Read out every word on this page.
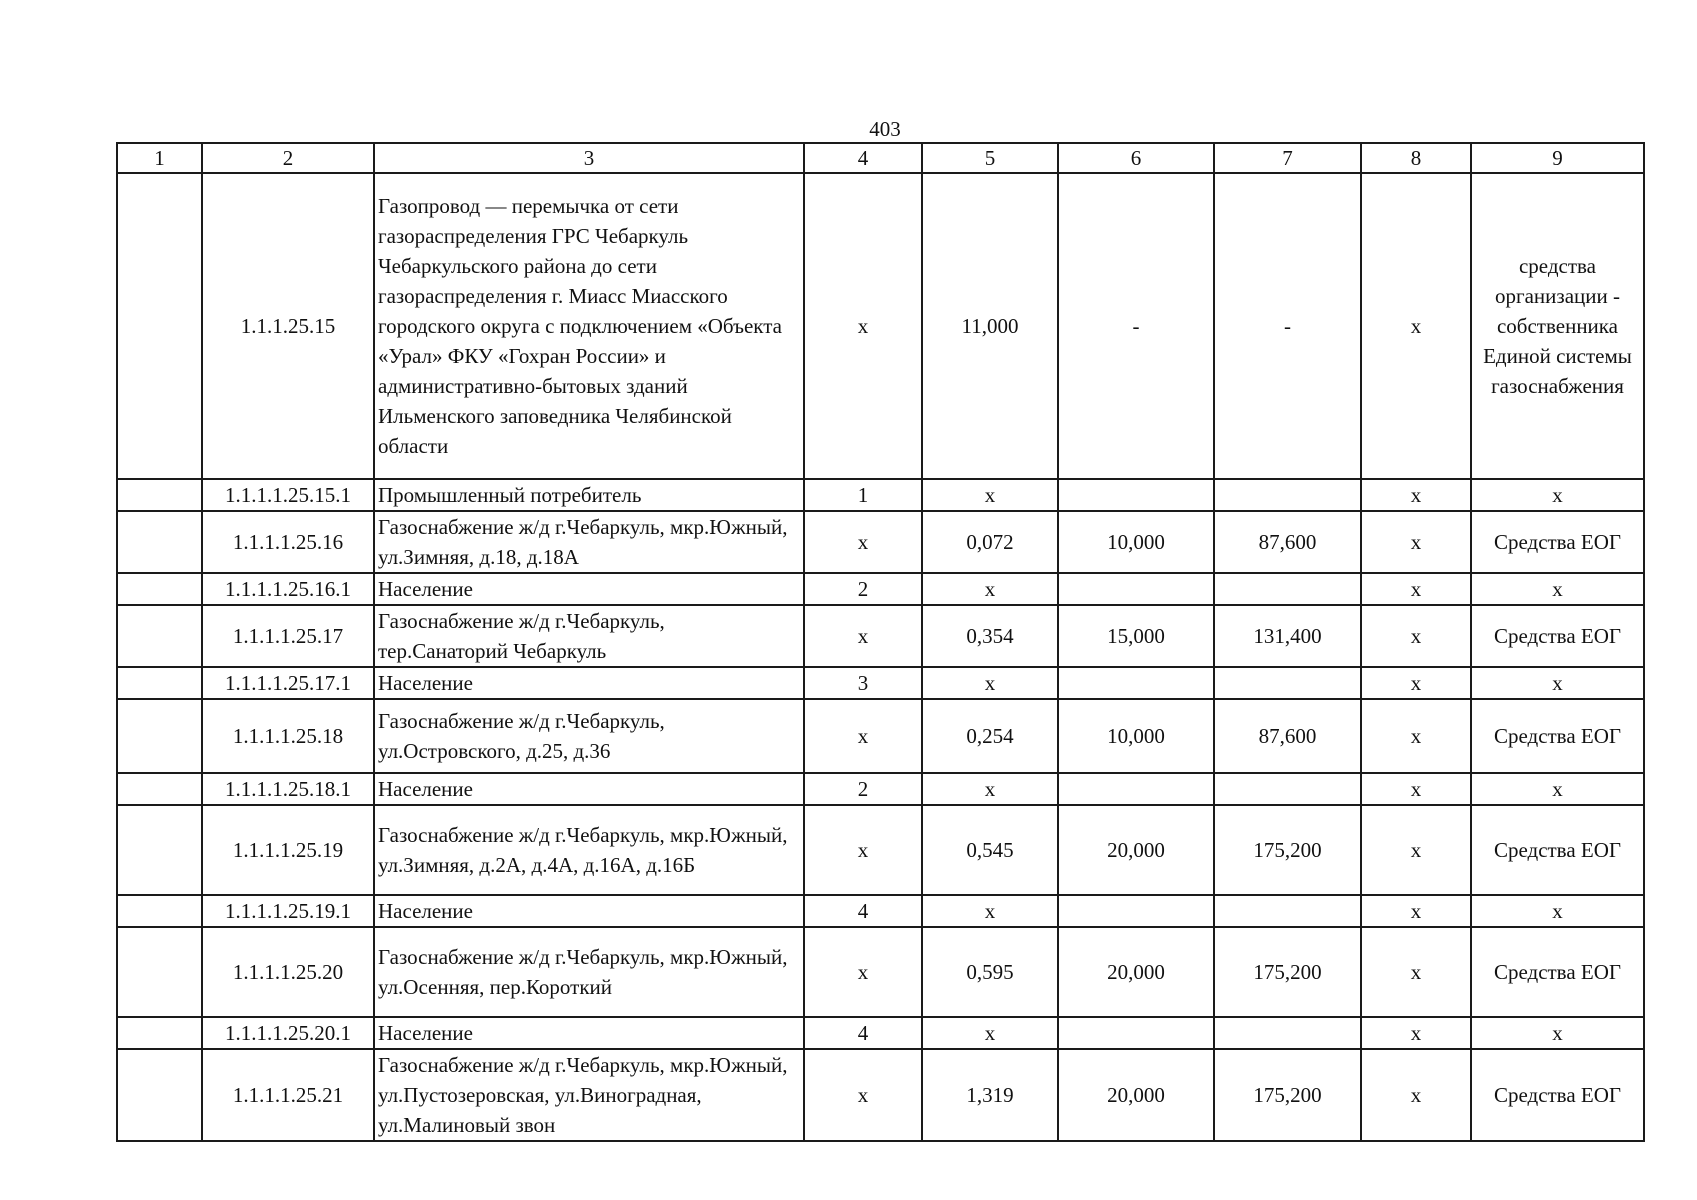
403
1	2	3	4	5	6	7	8	9
	1.1.1.25.15	Газопровод — перемычка от сети газораспределения ГРС Чебаркуль Чебаркульского района до сети газораспределения г. Миасс Миасского городского округа с подключением «Объекта «Урал» ФКУ «Гохран России» и административно-бытовых зданий Ильменского заповедника Челябинской области	х	11,000	-	-	х	средства организации - собственника Единой системы газоснабжения
	1.1.1.1.25.15.1	Промышленный потребитель	1	х			х	х
	1.1.1.1.25.16	Газоснабжение ж/д г.Чебаркуль, мкр.Южный, ул.Зимняя, д.18, д.18А	х	0,072	10,000	87,600	х	Средства ЕОГ
	1.1.1.1.25.16.1	Население	2	х			х	х
	1.1.1.1.25.17	Газоснабжение ж/д г.Чебаркуль, тер.Санаторий Чебаркуль	х	0,354	15,000	131,400	х	Средства ЕОГ
	1.1.1.1.25.17.1	Население	3	х			х	х
	1.1.1.1.25.18	Газоснабжение ж/д г.Чебаркуль, ул.Островского, д.25, д.36	х	0,254	10,000	87,600	х	Средства ЕОГ
	1.1.1.1.25.18.1	Население	2	х			х	х
	1.1.1.1.25.19	Газоснабжение ж/д г.Чебаркуль, мкр.Южный, ул.Зимняя, д.2А, д.4А, д.16А, д.16Б	х	0,545	20,000	175,200	х	Средства ЕОГ
	1.1.1.1.25.19.1	Население	4	х			х	х
	1.1.1.1.25.20	Газоснабжение ж/д г.Чебаркуль, мкр.Южный, ул.Осенняя, пер.Короткий	х	0,595	20,000	175,200	х	Средства ЕОГ
	1.1.1.1.25.20.1	Население	4	х			х	х
	1.1.1.1.25.21	Газоснабжение ж/д г.Чебаркуль, мкр.Южный, ул.Пустозеровская, ул.Виноградная, ул.Малиновый звон	х	1,319	20,000	175,200	х	Средства ЕОГ
